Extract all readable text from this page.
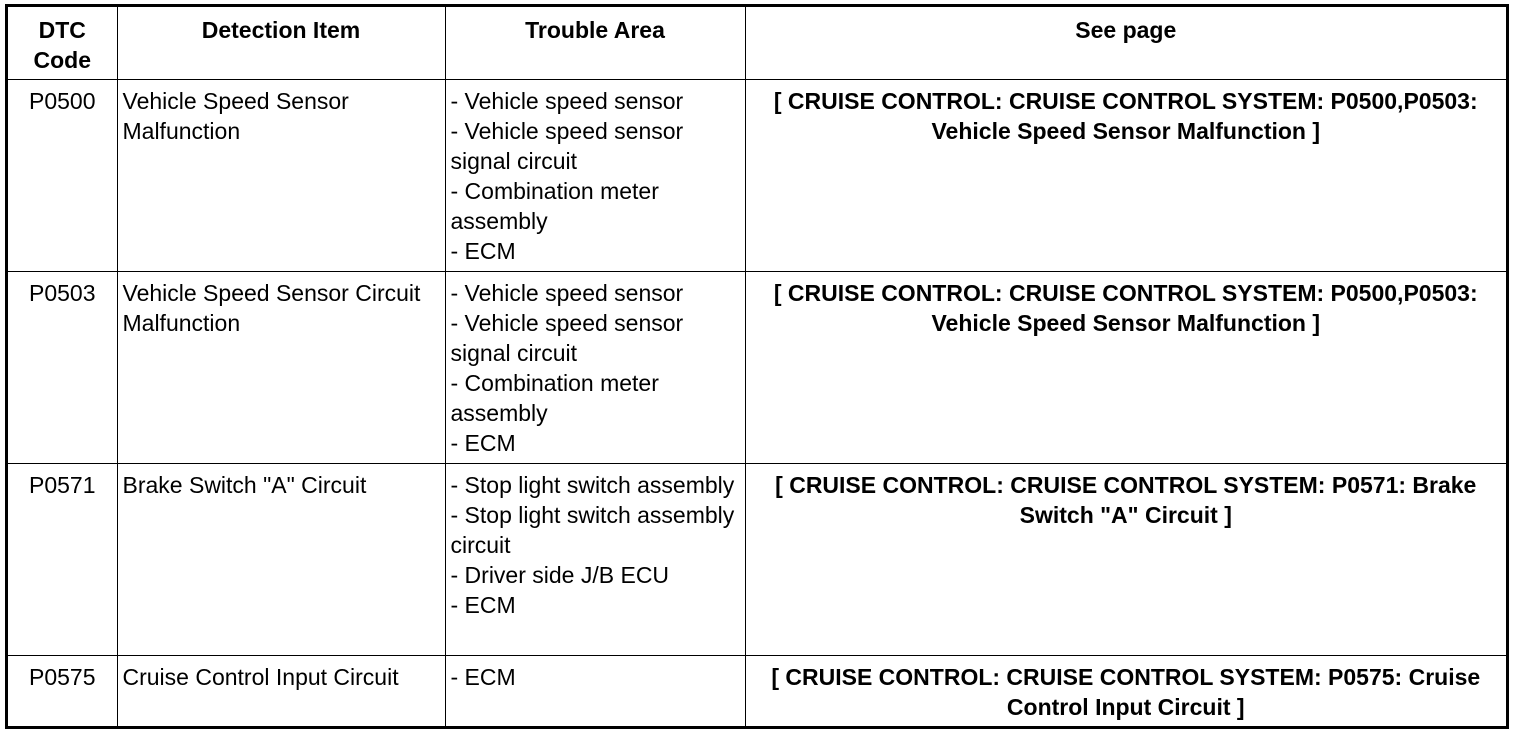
DTC Code	Detection Item	Trouble Area	See page
P0500	Vehicle Speed Sensor Malfunction	- Vehicle speed sensor
- Vehicle speed sensor signal circuit
- Combination meter assembly
- ECM	[ CRUISE CONTROL: CRUISE CONTROL SYSTEM: P0500,P0503: Vehicle Speed Sensor Malfunction ]
P0503	Vehicle Speed Sensor Circuit Malfunction	- Vehicle speed sensor
- Vehicle speed sensor signal circuit
- Combination meter assembly
- ECM	[ CRUISE CONTROL: CRUISE CONTROL SYSTEM: P0500,P0503: Vehicle Speed Sensor Malfunction ]
P0571	Brake Switch "A" Circuit	- Stop light switch assembly
- Stop light switch assembly circuit
- Driver side J/B ECU
- ECM	[ CRUISE CONTROL: CRUISE CONTROL SYSTEM: P0571: Brake Switch "A" Circuit ]
P0575	Cruise Control Input Circuit	- ECM	[ CRUISE CONTROL: CRUISE CONTROL SYSTEM: P0575: Cruise Control Input Circuit ]
